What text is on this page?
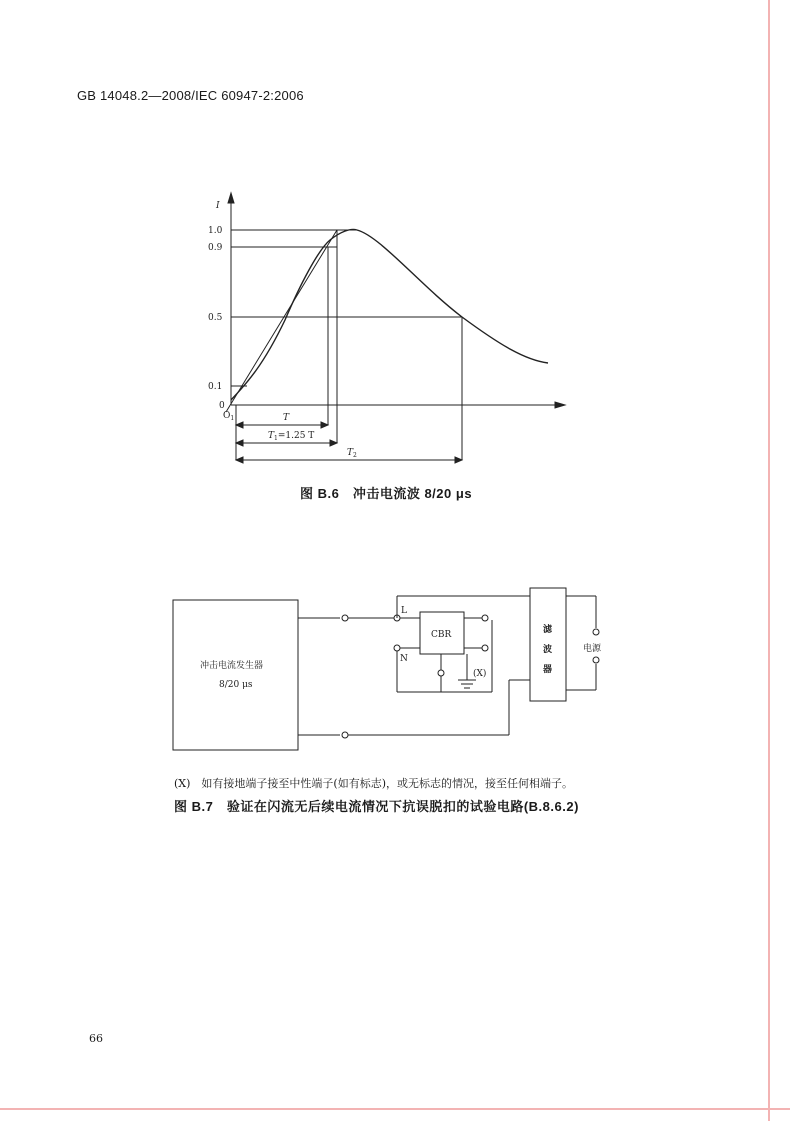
GB 14048.2—2008/IEC 60947-2:2006
I
1.0
0.9
0.5
0.1
0
$O_1$	T
$T_1=1.25$ T
$T_2$
图 B.6　冲击电流波 8/20 μs
冲击电流发生器
8/20 μs
CBR
L
N
(X)
滤
波
器
电源
(X)　如有接地端子接至中性端子(如有标志)，或无标志的情况，接至任何相端子。
图 B.7　验证在闪流无后续电流情况下抗误脱扣的试验电路(B.8.6.2)
66
